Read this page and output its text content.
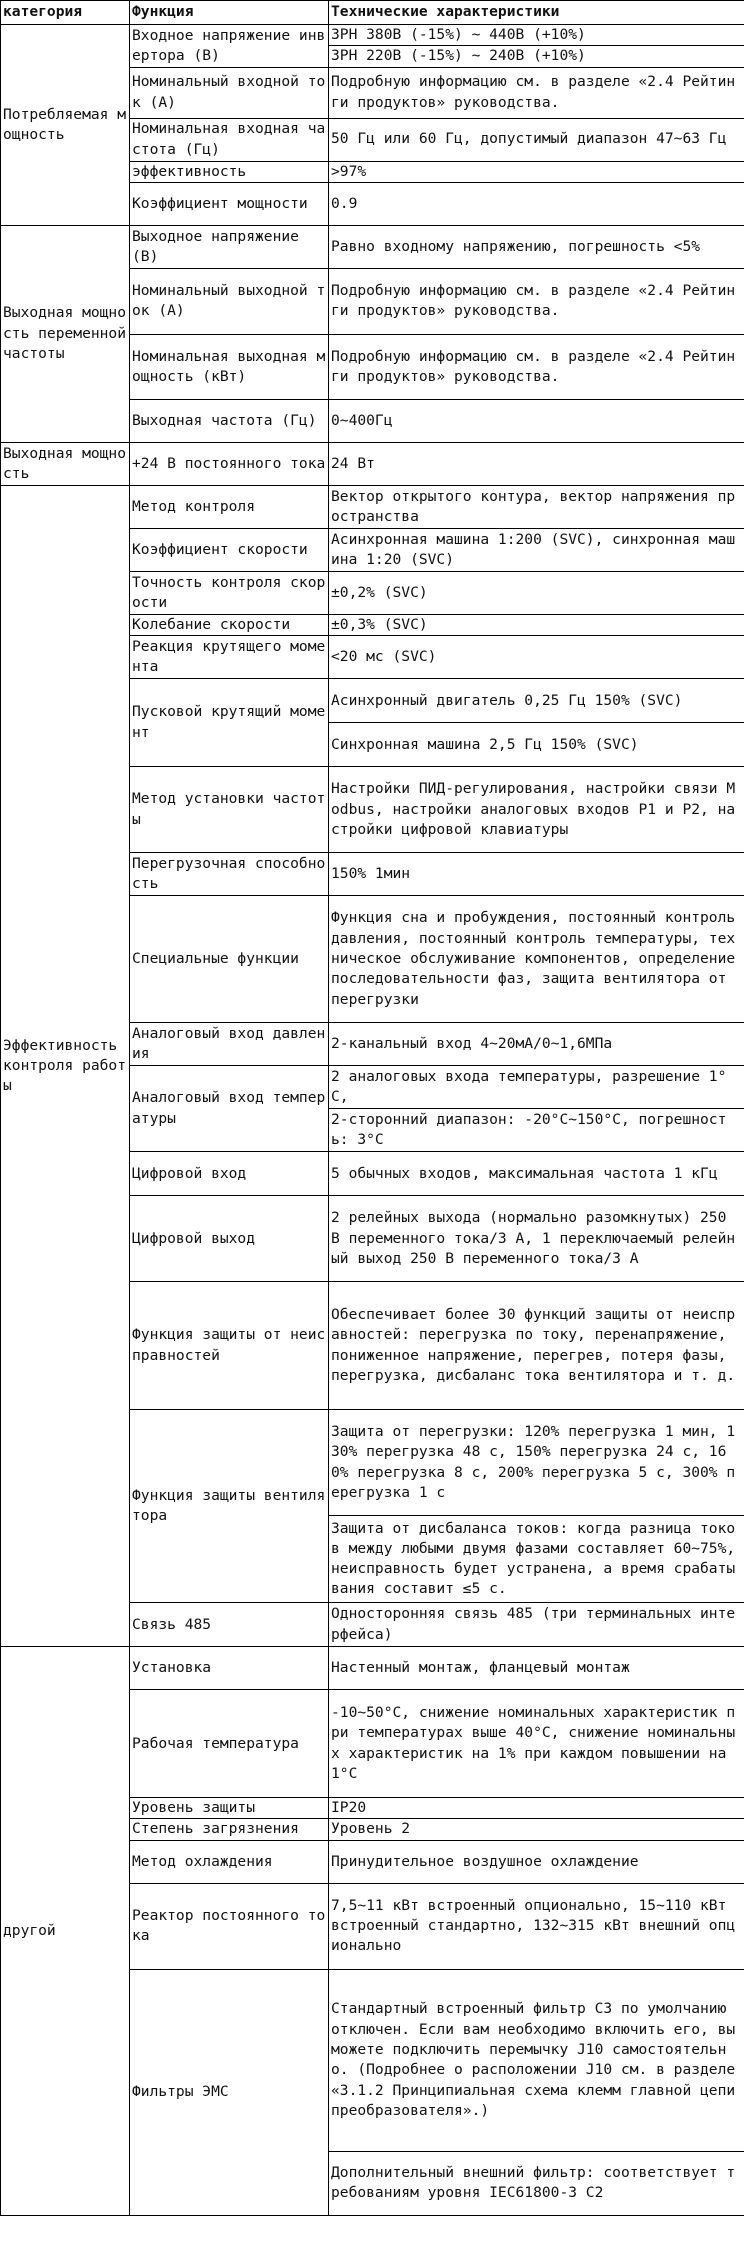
категория	Функция	Технические характеристики
Потребляемая мощность	Входное напряжение инвертора (В)	3PH 380В (-15%) ~ 440В (+10%)
		3PH 220В (-15%) ~ 240В (+10%)
	Номинальный входной ток (А)	Подробную информацию см. в разделе «2.4 Рейтинги продуктов» руководства.
	Номинальная входная частота (Гц)	50 Гц или 60 Гц, допустимый диапазон 47~63 Гц
	эффективность	>97%
	Коэффициент мощности	0.9

Выходная мощность переменной частоты	Выходное напряжение (В)	Равно входному напряжению, погрешность <5%
	Номинальный выходной ток (А)	Подробную информацию см. в разделе «2.4 Рейтинги продуктов» руководства.
	Номинальная выходная мощность (кВт)	Подробную информацию см. в разделе «2.4 Рейтинги продуктов» руководства.
	Выходная частота (Гц)	0~400Гц
Выходная мощность	+24 В постоянного тока	24 Вт
Эффективность контроля работы	Метод контроля	Вектор открытого контура, вектор напряжения пространства
	Коэффициент скорости	Асинхронная машина 1:200 (SVC), синхронная машина 1:20 (SVC)
	Точность контроля скорости	±0,2% (SVC)
	Колебание скорости	±0,3% (SVC)
	Реакция крутящего момента	<20 мс (SVC)
	Пусковой крутящий момент	Асинхронный двигатель 0,25 Гц 150% (SVC)
		Синхронная машина 2,5 Гц 150% (SVC)
	Метод установки частоты	Настройки ПИД-регулирования, настройки связи Modbus, настройки аналоговых входов P1 и P2, настройки цифровой клавиатуры
	Перегрузочная способность	150% 1мин
	Специальные функции	Функция сна и пробуждения, постоянный контроль давления, постоянный контроль температуры, техническое обслуживание компонентов, определение последовательности фаз, защита вентилятора от перегрузки
	Аналоговый вход давления	2-канальный вход 4~20мА/0~1,6МПа
	Аналоговый вход температуры	2 аналоговых входа температуры, разрешение 1°C,
		2-сторонний диапазон: -20°C~150°C, погрешность: 3°C
	Цифровой вход	5 обычных входов, максимальная частота 1 кГц
	Цифровой выход	2 релейных выхода (нормально разомкнутых) 250 В переменного тока/3 А, 1 переключаемый релейный выход 250 В переменного тока/3 А
	Функция защиты от неисправностей	Обеспечивает более 30 функций защиты от неисправностей: перегрузка по току, перенапряжение, пониженное напряжение, перегрев, потеря фазы, перегрузка, дисбаланс тока вентилятора и т. д.
	Функция защиты вентилятора	Защита от перегрузки: 120% перегрузка 1 мин, 130% перегрузка 48 с, 150% перегрузка 24 с, 160% перегрузка 8 с, 200% перегрузка 5 с, 300% перегрузка 1 с
		Защита от дисбаланса токов: когда разница токов между любыми двумя фазами составляет 60~75%, неисправность будет устранена, а время срабатывания составит ≤5 с.
	Связь 485	Односторонняя связь 485 (три терминальных интерфейса)

другой	Установка	Настенный монтаж, фланцевый монтаж
	Рабочая температура	-10~50°C, снижение номинальных характеристик при температурах выше 40°C, снижение номинальных характеристик на 1% при каждом повышении на 1°C
	Уровень защиты	IP20
	Степень загрязнения	Уровень 2
	Метод охлаждения	Принудительное воздушное охлаждение
	Реактор постоянного тока	7,5~11 кВт встроенный опционально, 15~110 кВт встроенный стандартно, 132~315 кВт внешний опционально
	Фильтры ЭМС	Стандартный встроенный фильтр C3 по умолчанию отключен. Если вам необходимо включить его, вы можете подключить перемычку J10 самостоятельно. (Подробнее о расположении J10 см. в разделе «3.1.2 Принципиальная схема клемм главной цепи преобразователя».)
		Дополнительный внешний фильтр: соответствует требованиям уровня IEC61800-3 C2
